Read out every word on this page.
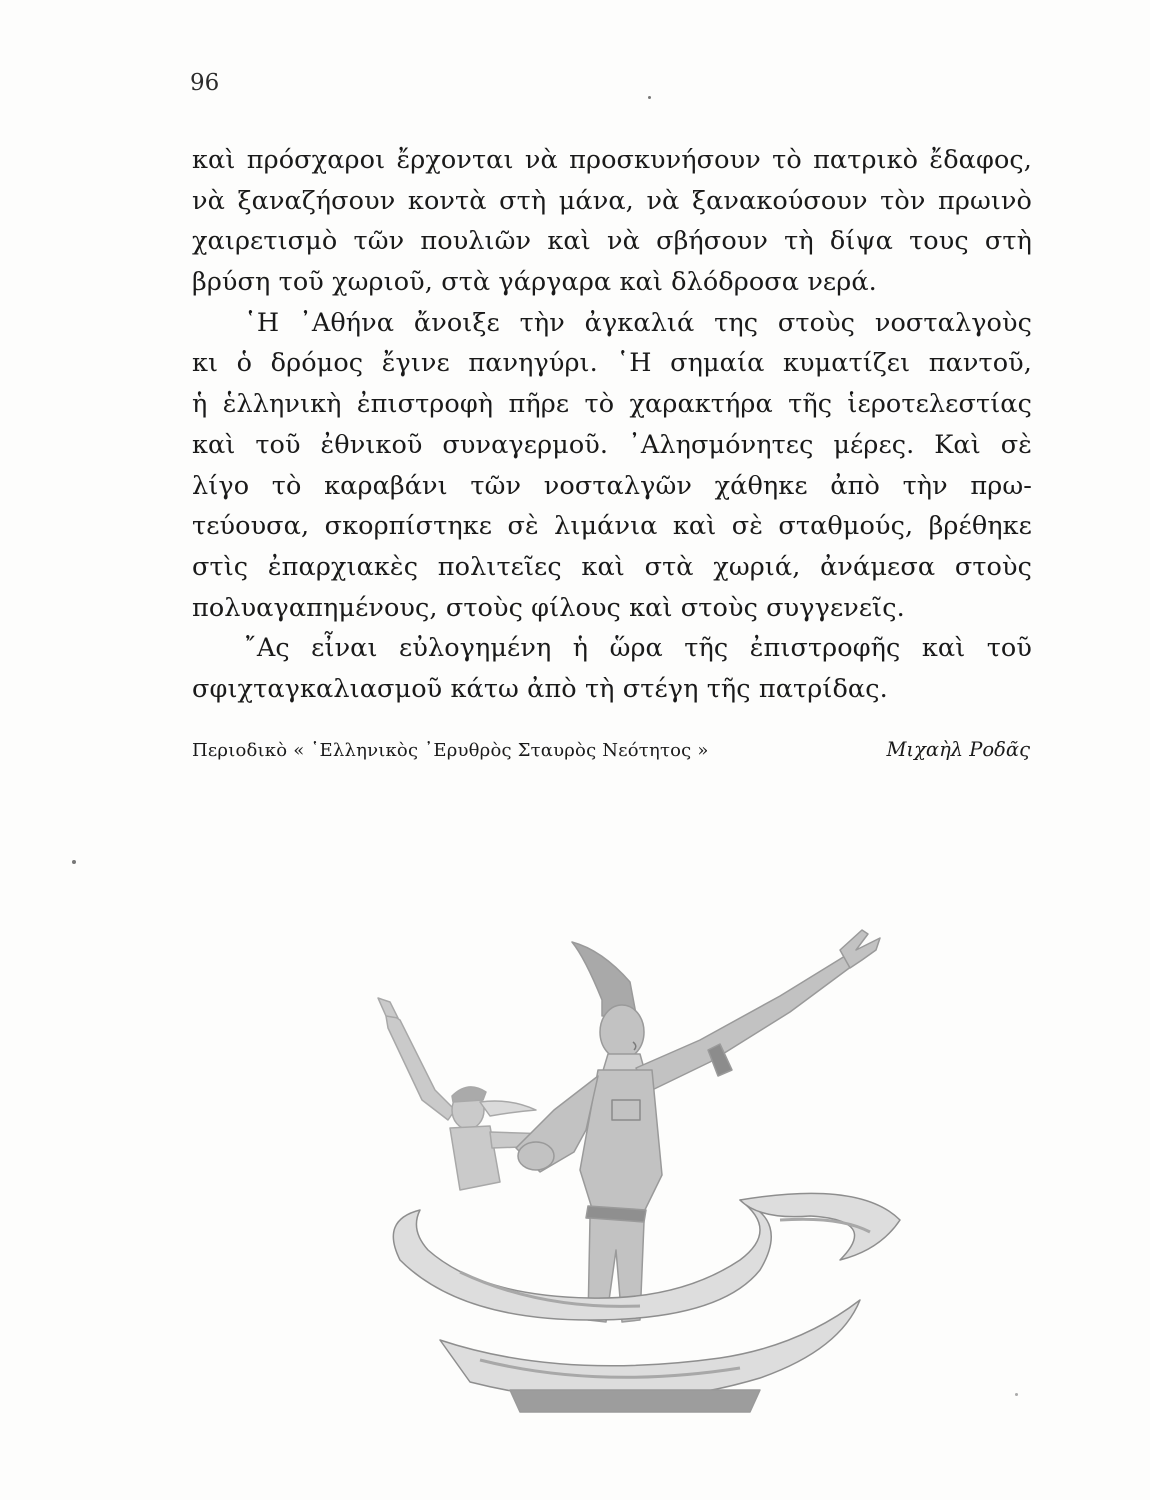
96
καὶ πρόσχαροι ἔρχονται νὰ προσκυνήσουν τὸ πατρικὸ ἔδαφος,
νὰ ξαναζήσουν κοντὰ στὴ μάνα, νὰ ξανακούσουν τὸν πρωινὸ
χαιρετισμὸ τῶν πουλιῶν καὶ νὰ σβήσουν τὴ δίψα τους στὴ
βρύση τοῦ χωριοῦ, στὰ γάργαρα καὶ δλόδροσα νερά.
῾Η ᾿Αθήνα ἄνοιξε τὴν ἀγκαλιά της στοὺς νοσταλγοὺς
κι ὁ δρόμος ἔγινε πανηγύρι. ῾Η σημαία κυματίζει παντοῦ,
ἡ ἑλληνικὴ ἐπιστροφὴ πῆρε τὸ χαρακτήρα τῆς ἱεροτελεστίας
καὶ τοῦ ἐθνικοῦ συναγερμοῦ. ᾿Αλησμόνητες μέρες. Καὶ σὲ
λίγο τὸ καραβάνι τῶν νοσταλγῶν χάθηκε ἀπὸ τὴν πρω-
τεύουσα, σκορπίστηκε σὲ λιμάνια καὶ σὲ σταθμούς, βρέθηκε
στὶς ἐπαρχιακὲς πολιτεῖες καὶ στὰ χωριά, ἀνάμεσα στοὺς
πολυαγαπημένους, στοὺς φίλους καὶ στοὺς συγγενεῖς.
῎Ας εἶναι εὐλογημένη ἡ ὥρα τῆς ἐπιστροφῆς καὶ τοῦ
σφιχταγκαλιασμοῦ κάτω ἀπὸ τὴ στέγη τῆς πατρίδας.
Περιοδικὸ « ῾Ελληνικὸς ᾿Ερυθρὸς Σταυρὸς Νεότητος »	Μιχαὴλ Ροδᾶς
